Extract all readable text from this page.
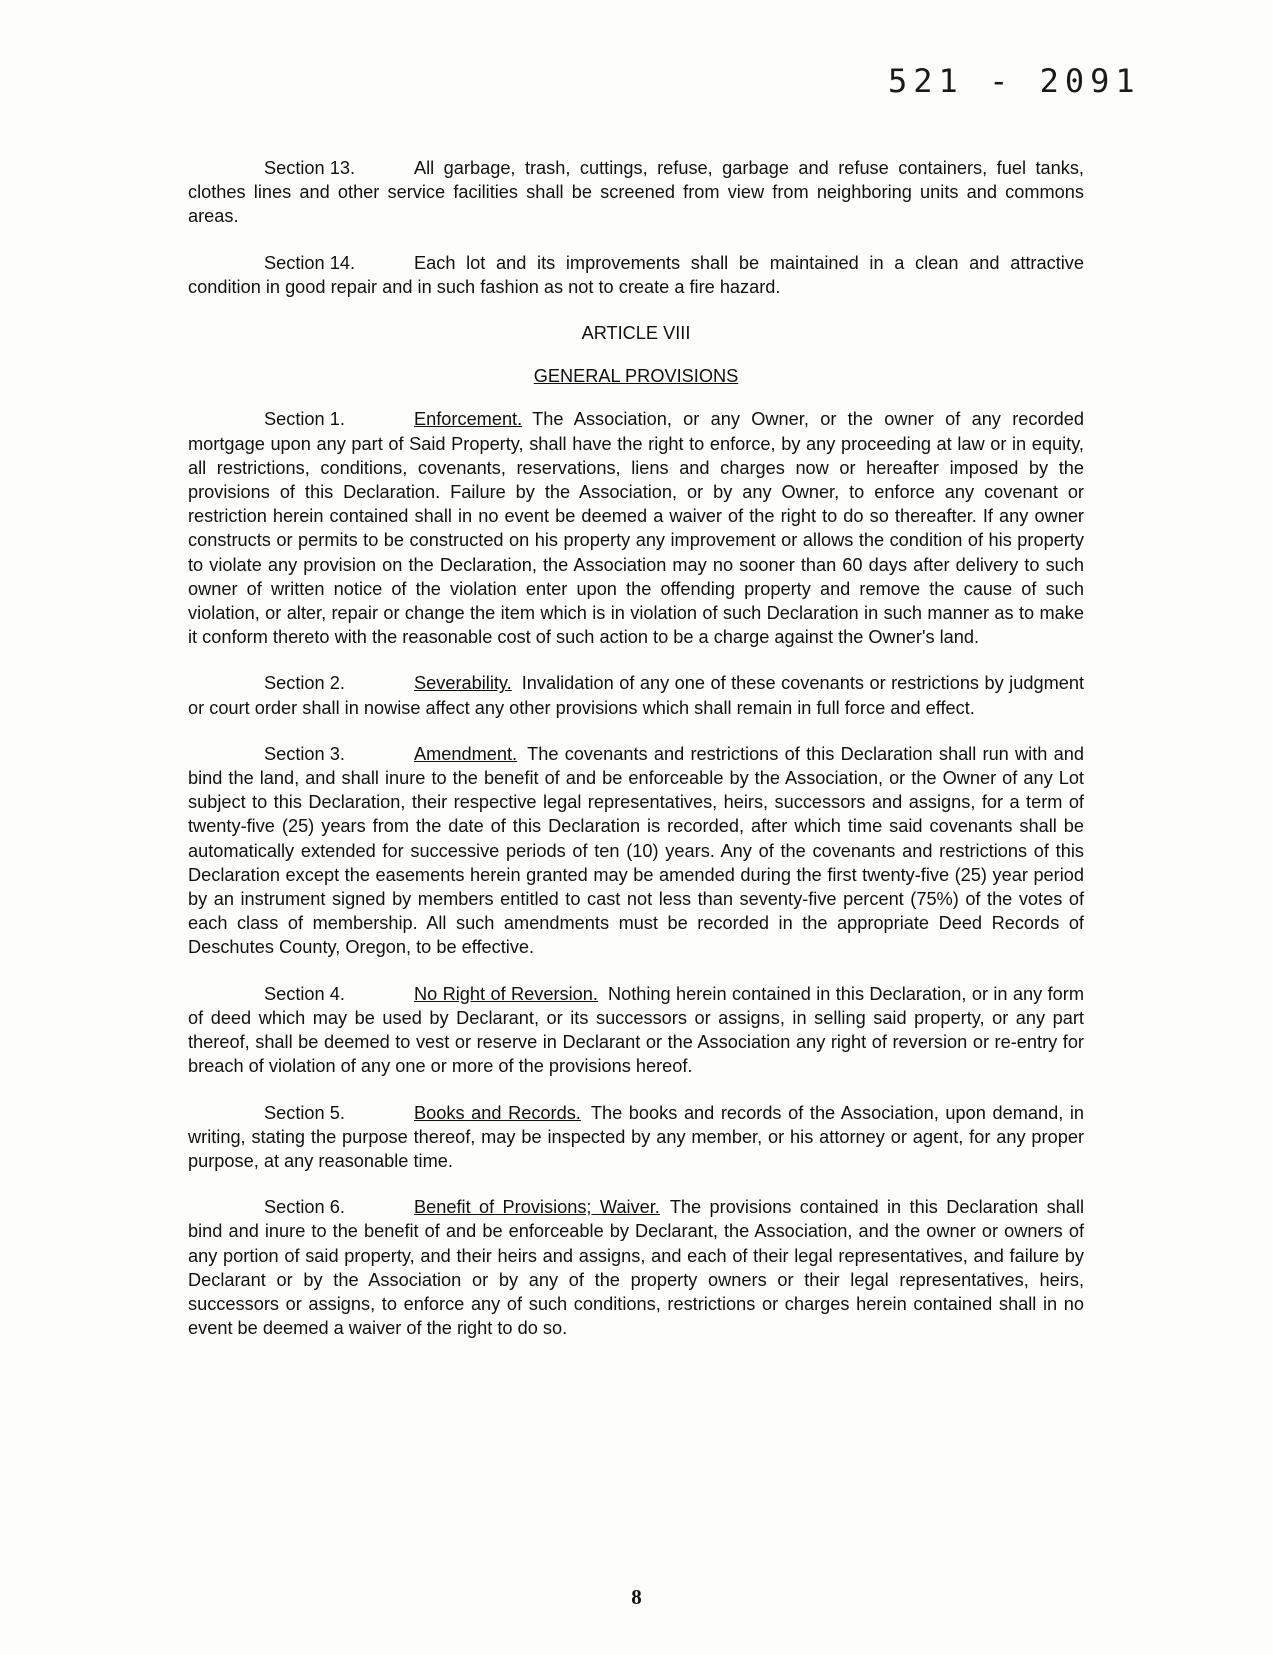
521 - 2091

Section 13.	All garbage, trash, cuttings, refuse, garbage and refuse containers, fuel tanks, clothes lines and other service facilities shall be screened from view from neighboring units and commons areas.

Section 14.	Each lot and its improvements shall be maintained in a clean and attractive condition in good repair and in such fashion as not to create a fire hazard.

ARTICLE VIII

GENERAL PROVISIONS

Section 1.	Enforcement. The Association, or any Owner, or the owner of any recorded mortgage upon any part of Said Property, shall have the right to enforce, by any proceeding at law or in equity, all restrictions, conditions, covenants, reservations, liens and charges now or hereafter imposed by the provisions of this Declaration. Failure by the Association, or by any Owner, to enforce any covenant or restriction herein contained shall in no event be deemed a waiver of the right to do so thereafter. If any owner constructs or permits to be constructed on his property any improvement or allows the condition of his property to violate any provision on the Declaration, the Association may no sooner than 60 days after delivery to such owner of written notice of the violation enter upon the offending property and remove the cause of such violation, or alter, repair or change the item which is in violation of such Declaration in such manner as to make it conform thereto with the reasonable cost of such action to be a charge against the Owner's land.

Section 2.	Severability. Invalidation of any one of these covenants or restrictions by judgment or court order shall in nowise affect any other provisions which shall remain in full force and effect.

Section 3.	Amendment. The covenants and restrictions of this Declaration shall run with and bind the land, and shall inure to the benefit of and be enforceable by the Association, or the Owner of any Lot subject to this Declaration, their respective legal representatives, heirs, successors and assigns, for a term of twenty-five (25) years from the date of this Declaration is recorded, after which time said covenants shall be automatically extended for successive periods of ten (10) years. Any of the covenants and restrictions of this Declaration except the easements herein granted may be amended during the first twenty-five (25) year period by an instrument signed by members entitled to cast not less than seventy-five percent (75%) of the votes of each class of membership. All such amendments must be recorded in the appropriate Deed Records of Deschutes County, Oregon, to be effective.

Section 4.	No Right of Reversion. Nothing herein contained in this Declaration, or in any form of deed which may be used by Declarant, or its successors or assigns, in selling said property, or any part thereof, shall be deemed to vest or reserve in Declarant or the Association any right of reversion or re-entry for breach of violation of any one or more of the provisions hereof.

Section 5.	Books and Records. The books and records of the Association, upon demand, in writing, stating the purpose thereof, may be inspected by any member, or his attorney or agent, for any proper purpose, at any reasonable time.

Section 6.	Benefit of Provisions; Waiver. The provisions contained in this Declaration shall bind and inure to the benefit of and be enforceable by Declarant, the Association, and the owner or owners of any portion of said property, and their heirs and assigns, and each of their legal representatives, and failure by Declarant or by the Association or by any of the property owners or their legal representatives, heirs, successors or assigns, to enforce any of such conditions, restrictions or charges herein contained shall in no event be deemed a waiver of the right to do so.

8
